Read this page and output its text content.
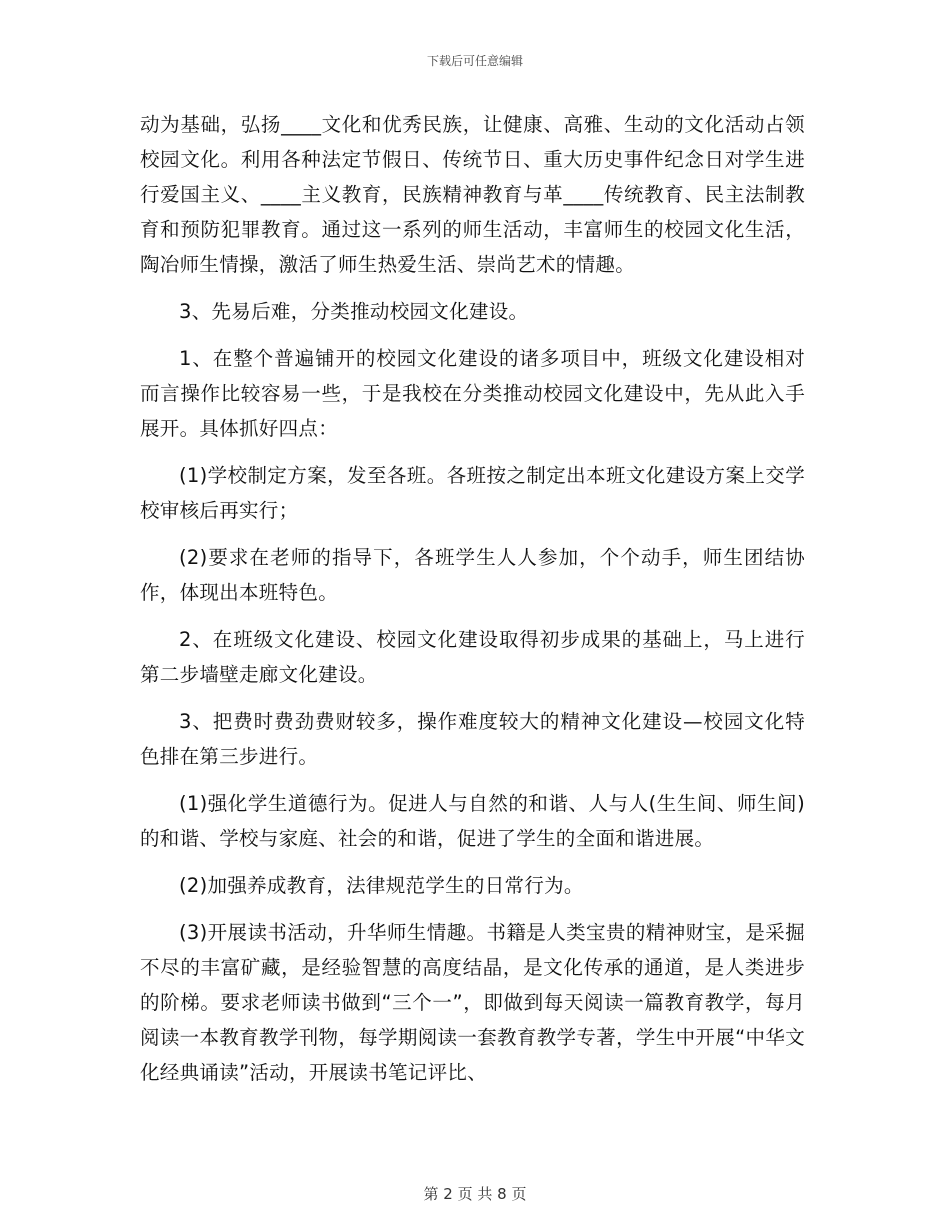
下载后可任意编辑

动为基础，弘扬____文化和优秀民族，让健康、高雅、生动的文化活动占领校园文化。利用各种法定节假日、传统节日、重大历史事件纪念日对学生进行爱国主义、____主义教育，民族精神教育与革____传统教育、民主法制教育和预防犯罪教育。通过这一系列的师生活动，丰富师生的校园文化生活，陶冶师生情操，激活了师生热爱生活、崇尚艺术的情趣。

3、先易后难，分类推动校园文化建设。

1、在整个普遍铺开的校园文化建设的诸多项目中，班级文化建设相对而言操作比较容易一些，于是我校在分类推动校园文化建设中，先从此入手展开。具体抓好四点：

(1)学校制定方案，发至各班。各班按之制定出本班文化建设方案上交学校审核后再实行；

(2)要求在老师的指导下，各班学生人人参加，个个动手，师生团结协作，体现出本班特色。

2、在班级文化建设、校园文化建设取得初步成果的基础上，马上进行第二步墙壁走廊文化建设。

3、把费时费劲费财较多，操作难度较大的精神文化建设—校园文化特色排在第三步进行。

(1)强化学生道德行为。促进人与自然的和谐、人与人(生生间、师生间)的和谐、学校与家庭、社会的和谐，促进了学生的全面和谐进展。

(2)加强养成教育，法律规范学生的日常行为。

(3)开展读书活动，升华师生情趣。书籍是人类宝贵的精神财宝，是采掘不尽的丰富矿藏，是经验智慧的高度结晶，是文化传承的通道，是人类进步的阶梯。要求老师读书做到“三个一”，即做到每天阅读一篇教育教学，每月阅读一本教育教学刊物，每学期阅读一套教育教学专著，学生中开展“中华文化经典诵读”活动，开展读书笔记评比、

第 2 页 共 8 页
